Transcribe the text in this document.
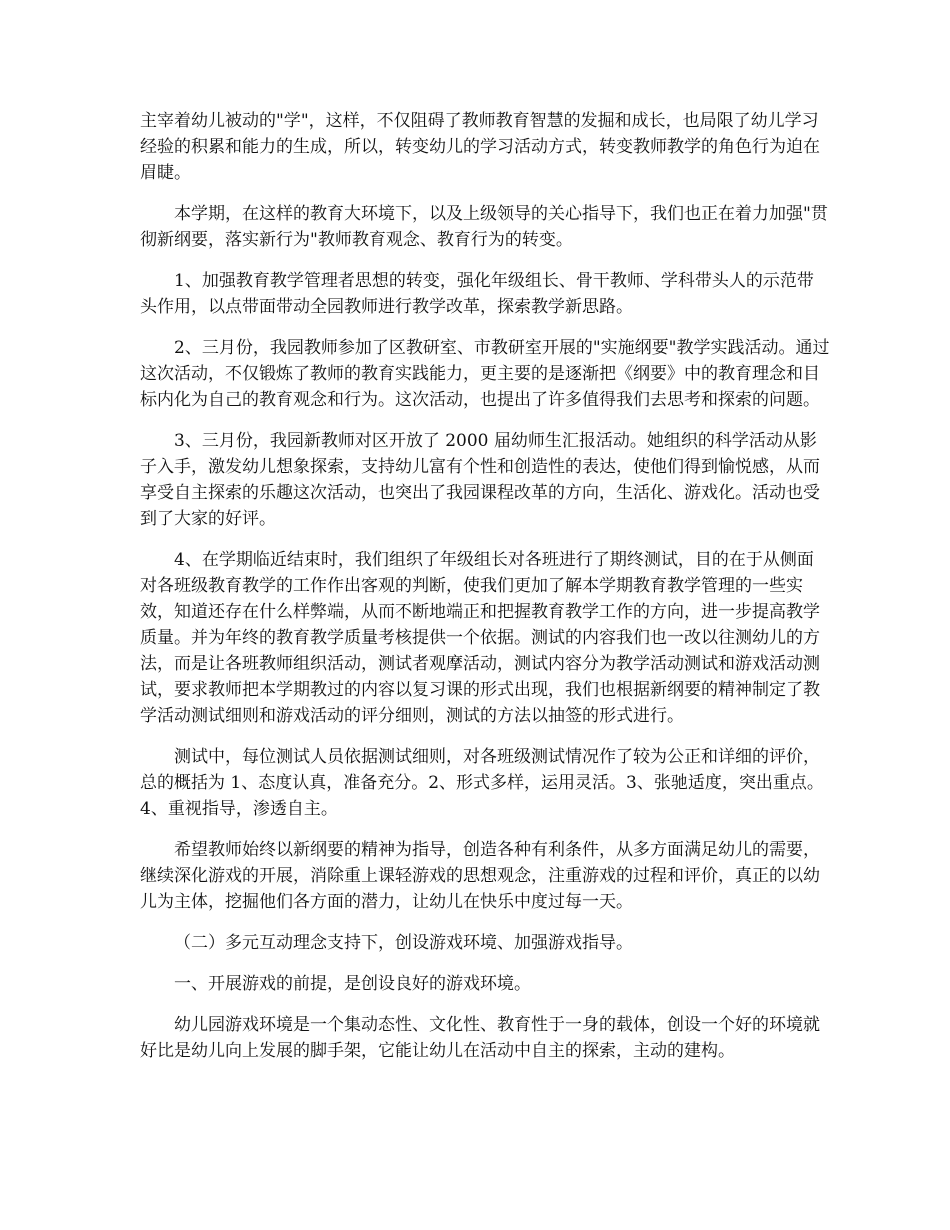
主宰着幼儿被动的"学"，这样，不仅阻碍了教师教育智慧的发掘和成长，也局限了幼儿学习经验的积累和能力的生成，所以，转变幼儿的学习活动方式，转变教师教学的角色行为迫在眉睫。

本学期，在这样的教育大环境下，以及上级领导的关心指导下，我们也正在着力加强"贯彻新纲要，落实新行为"教师教育观念、教育行为的转变。

1、加强教育教学管理者思想的转变，强化年级组长、骨干教师、学科带头人的示范带头作用，以点带面带动全园教师进行教学改革，探索教学新思路。

2、三月份，我园教师参加了区教研室、市教研室开展的"实施纲要"教学实践活动。通过这次活动，不仅锻炼了教师的教育实践能力，更主要的是逐渐把《纲要》中的教育理念和目标内化为自己的教育观念和行为。这次活动，也提出了许多值得我们去思考和探索的问题。

3、三月份，我园新教师对区开放了 2000 届幼师生汇报活动。她组织的科学活动从影子入手，激发幼儿想象探索，支持幼儿富有个性和创造性的表达，使他们得到愉悦感，从而享受自主探索的乐趣这次活动，也突出了我园课程改革的方向，生活化、游戏化。活动也受到了大家的好评。

4、在学期临近结束时，我们组织了年级组长对各班进行了期终测试，目的在于从侧面对各班级教育教学的工作作出客观的判断，使我们更加了解本学期教育教学管理的一些实效，知道还存在什么样弊端，从而不断地端正和把握教育教学工作的方向，进一步提高教学质量。并为年终的教育教学质量考核提供一个依据。测试的内容我们也一改以往测幼儿的方法，而是让各班教师组织活动，测试者观摩活动，测试内容分为教学活动测试和游戏活动测试，要求教师把本学期教过的内容以复习课的形式出现，我们也根据新纲要的精神制定了教学活动测试细则和游戏活动的评分细则，测试的方法以抽签的形式进行。

测试中，每位测试人员依据测试细则，对各班级测试情况作了较为公正和详细的评价，总的概括为 1、态度认真，准备充分。2、形式多样，运用灵活。3、张驰适度，突出重点。4、重视指导，渗透自主。

希望教师始终以新纲要的精神为指导，创造各种有利条件，从多方面满足幼儿的需要，继续深化游戏的开展，消除重上课轻游戏的思想观念，注重游戏的过程和评价，真正的以幼儿为主体，挖掘他们各方面的潜力，让幼儿在快乐中度过每一天。

（二）多元互动理念支持下，创设游戏环境、加强游戏指导。

一、开展游戏的前提，是创设良好的游戏环境。

幼儿园游戏环境是一个集动态性、文化性、教育性于一身的载体，创设一个好的环境就好比是幼儿向上发展的脚手架，它能让幼儿在活动中自主的探索，主动的建构。
